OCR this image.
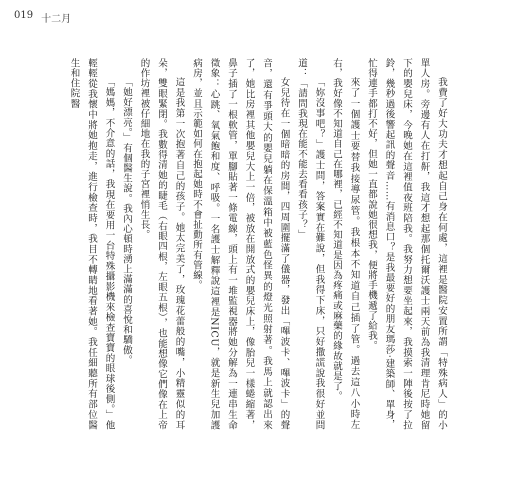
019 十二月

我費了好大功夫才想起自己身在何處，這裡是醫院安置所謂「特殊病人」的小單人房。旁邊有人在打鼾，我這才想起那個托爾沃護士兩天前為我清理肯尼時她留下的嬰兒床，今晚她在這裡值夜班陪我。我努力想要坐起來，我摸索一陣後按了拉鈴，幾秒過後響起訊的聲音……有消息口？是我最要好的朋友瑪莎‧建築師、單身，忙得連手都打不好，但她一直都說她很想我，便將手機遞了給我。

來了一個護士要替我接導尿管。我根本不知道自己插了管。過去這八小時左右，我好像不知道自己在哪裡，已經不知道是因為疼痛或麻藥的緣故就是了。

「妳沒事吧？」護士問，答案實在難說，但我得下床，只好撒謊說我很好並問道：「請問我現在能不能去看看孩子？」

女兒待在一個暗暗的房間，四周圍擺滿了儀器，發出「嗶波卡、嗶波卡」的聲音，還有爭頭大的嬰兒躺在保溫箱中被藍色怪異的燈光照射著。我馬上就認出來了，她比房裡其他嬰兒大上一倍，被放在開放式的嬰兒床上，像胎兒一樣蜷縮著，鼻子插了一根軟管，單腳貼著一條電線，頭上有一堆監視器將她分解為一連串生命徵象：心跳、氧氣飽和度、呼吸。一名護士解釋說這裡是NICU，就是新生兒加護病房，並且示範如何在抱起她時不會扯動所有管線。

這是我第一次抱著自己的孩子。她太完美了，玫瑰花蕾般的嘴，小精靈似的耳朵，雙眼緊閉。我數得清她的睫毛（右眼四根，左眼五根），也能想像它們像在上帝的作坊裡被仔細地在我的子宮裡悄生長。

「她好漂亮。」有個醫生說。我內心頓時湧上滿滿的喜悅和驕傲。

「媽媽，不介意的話，我現在要用一台特殊攝影機來檢查寶寶的眼球後側。」他輕輕從我懷中將她抱走，進行檢查時，我目不轉睛地看著她。我任細聽所有部位醫生和住院醫
